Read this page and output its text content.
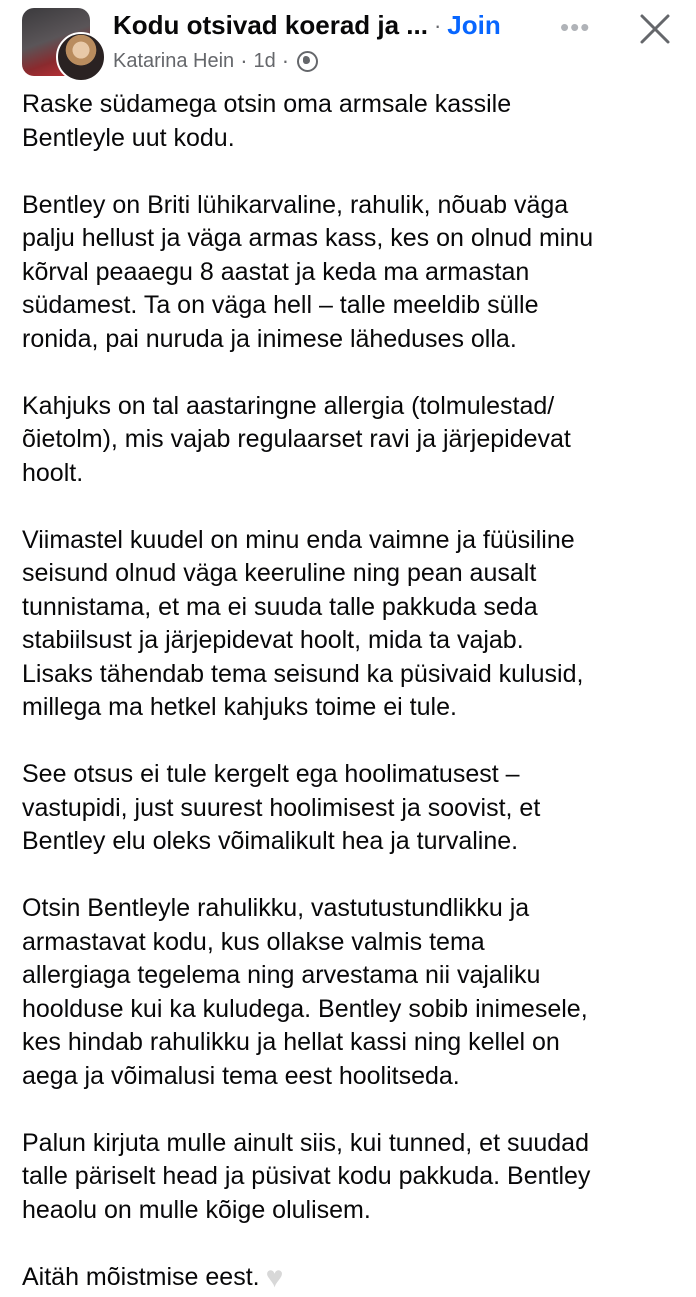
Kodu otsivad koerad ja ... · Join
Katarina Hein · 1d ·
•••
Raske südamega otsin oma armsale kassile
Bentleyle uut kodu.
Bentley on Briti lühikarvaline, rahulik, nõuab väga
palju hellust ja väga armas kass, kes on olnud minu
kõrval peaaegu 8 aastat ja keda ma armastan
südamest. Ta on väga hell – talle meeldib sülle
ronida, pai nuruda ja inimese läheduses olla.
Kahjuks on tal aastaringne allergia (tolmulestad/
õietolm), mis vajab regulaarset ravi ja järjepidevat
hoolt.
Viimastel kuudel on minu enda vaimne ja füüsiline
seisund olnud väga keeruline ning pean ausalt
tunnistama, et ma ei suuda talle pakkuda seda
stabiilsust ja järjepidevat hoolt, mida ta vajab.
Lisaks tähendab tema seisund ka püsivaid kulusid,
millega ma hetkel kahjuks toime ei tule.
See otsus ei tule kergelt ega hoolimatusest –
vastupidi, just suurest hoolimisest ja soovist, et
Bentley elu oleks võimalikult hea ja turvaline.
Otsin Bentleyle rahulikku, vastutustundlikku ja
armastavat kodu, kus ollakse valmis tema
allergiaga tegelema ning arvestama nii vajaliku
hoolduse kui ka kuludega. Bentley sobib inimesele,
kes hindab rahulikku ja hellat kassi ning kellel on
aega ja võimalusi tema eest hoolitseda.
Palun kirjuta mulle ainult siis, kui tunned, et suudad
talle päriselt head ja püsivat kodu pakkuda. Bentley
heaolu on mulle kõige olulisem.
Aitäh mõistmise eest. ♥
